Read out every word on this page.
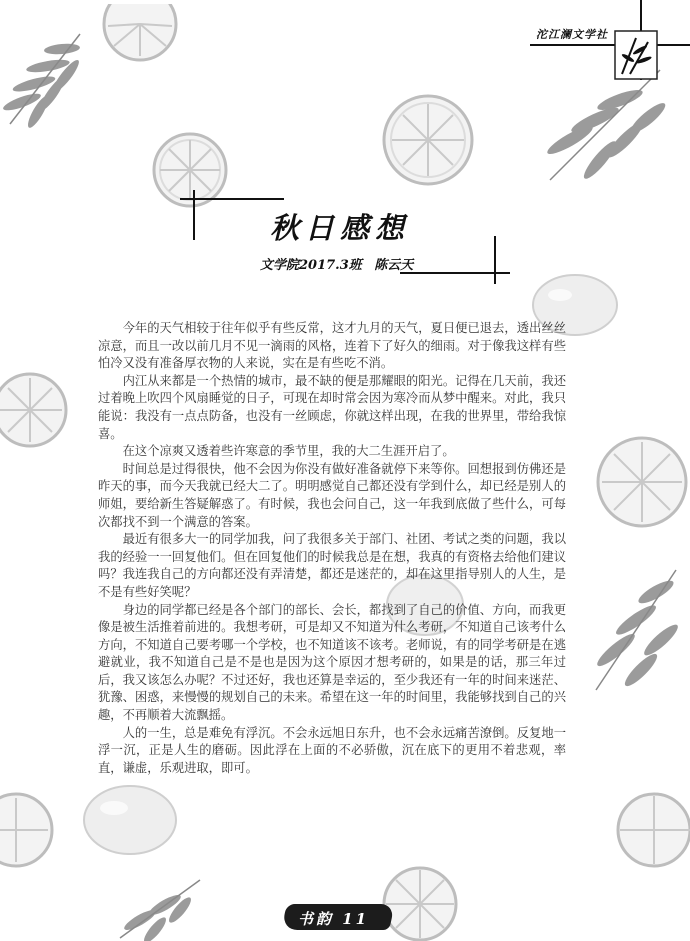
沱江澜文学社
秋日感想
文学院2017.3班 陈云天

今年的天气相较于往年似乎有些反常，这才九月的天气，夏日便已退去，透出丝丝凉意，而且一改以前几月不见一滴雨的风格，连着下了好久的细雨。对于像我这样有些怕冷又没有准备厚衣物的人来说，实在是有些吃不消。

内江从来都是一个热情的城市，最不缺的便是那耀眼的阳光。记得在几天前，我还过着晚上吹四个风扇睡觉的日子，可现在却时常会因为寒冷而从梦中醒来。对此，我只能说：我没有一点点防备，也没有一丝顾虑，你就这样出现，在我的世界里，带给我惊喜。

在这个凉爽又透着些许寒意的季节里，我的大二生涯开启了。

时间总是过得很快，他不会因为你没有做好准备就停下来等你。回想报到仿佛还是昨天的事，而今天我就已经大二了。明明感觉自己都还没有学到什么，却已经是别人的师姐，要给新生答疑解惑了。有时候，我也会问自己，这一年我到底做了些什么，可每次都找不到一个满意的答案。

最近有很多大一的同学加我，问了我很多关于部门、社团、考试之类的问题，我以我的经验一一回复他们。但在回复他们的时候我总是在想，我真的有资格去给他们建议吗？我连我自己的方向都还没有弄清楚，都还是迷茫的，却在这里指导别人的人生，是不是有些好笑呢？

身边的同学都已经是各个部门的部长、会长，都找到了自己的价值、方向，而我更像是被生活推着前进的。我想考研，可是却又不知道为什么考研，不知道自己该考什么方向，不知道自己要考哪一个学校，也不知道该不该考。老师说，有的同学考研是在逃避就业，我不知道自己是不是也是因为这个原因才想考研的，如果是的话，那三年过后，我又该怎么办呢？不过还好，我也还算是幸运的，至少我还有一年的时间来迷茫、犹豫、困惑，来慢慢的规划自己的未来。希望在这一年的时间里，我能够找到自己的兴趣，不再顺着大流飘摇。

人的一生，总是难免有浮沉。不会永远旭日东升，也不会永远痛苦潦倒。反复地一浮一沉，正是人生的磨砺。因此浮在上面的不必骄傲，沉在底下的更用不着悲观，率直，谦虚，乐观进取，即可。

书韵 11
